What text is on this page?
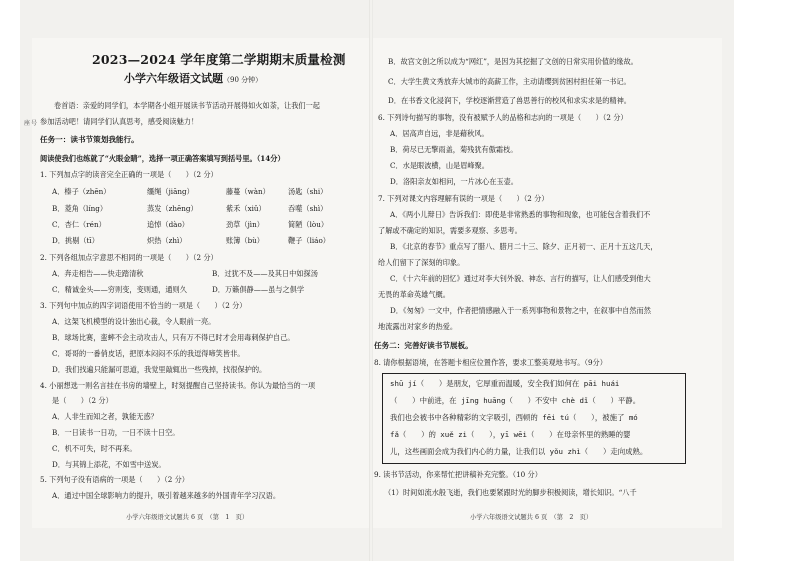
座号
2023—2024 学年度第二学期期末质量检测
小学六年级语文试题（90 分钟）
卷首语：亲爱的同学们，本学期各小组开展读书节活动开展得如火如荼，让我们一起
参加活动吧！请同学们认真思考，感受阅读魅力！
任务一：读书节策划我能行。
阅读使我们也练就了“火眼金睛”，选择一项正确答案填写到括号里。（14分）
1. 下列加点字的读音完全正确的一项是（　　）（2 分）
A．榛子（zhēn）	缰绳（jiāng）	藤蔓（wàn）	汤匙（shi）
B．菱角（líng）	蒸发（zhēng）	紫禾（xiǔ）	吞噬（shì）
C．杏仁（rén）	追悼（dào）	劲草（jìn）	简陋（lòu）
D．挑剔（tī）	炽热（zhì）	账簿（bù）	鞭子（liáo）
2. 下列各组加点字意思不相同的一项是（　　）（2 分）
A．奔走相告——快走踏清秋	B．过犹不及——及其日中如探汤
C．精诚金头——穷则变，变则通，通则久	D．万籁俱静——虽与之俱学
3. 下列句中加点的四字词语使用不恰当的一项是（　　）（2 分）
A．这架飞机模型的设计独出心裁，令人眼前一亮。
B．球场比赛，蛮蟀不会主动攻击人，只有万不得已时才会用毒刺保护自己。
C．哥哥的一番俏皮话，把原本闷闷不乐的我逗得啼笑皆非。
D．我们找遍只能漏可思道，我觉里敲辄出一些残掉，找很保护的。
4. 小丽想选一则名言挂在书房的墙壁上，时刻提醒自己坚持读书。你认为最恰当的一项
是（　　）（2 分）
A．人非生而知之者，孰能无惑？
B．一日读书一日功，一日不读十日空。
C．机不可失，时不再来。
D．与其锦上添花，不如雪中送炭。
5. 下列句子没有语病的一项是（　　）（2 分）
A．通过中国全球影响力的提升，吸引着越来越多的外国青年学习汉语。
小学六年级语文试题共 6 页　（第　1　页）
B．故宫文创之所以成为“网红”，是因为其挖掘了文创的日常实用价值的缘故。
C．大学生黄文秀放弃大城市的高薪工作，主动请缨到贫困村担任第一书记。
D．在书香文化浸润下，学校逐渐营造了兽思善行的校风和求实求是的精神。
6. 下列诗句描写的事物，没有被赋予人的品格和志向的一项是（　　）（2 分）
A．居高声自远，非是藉秋风。
B．荷尽已无擎雨盖，菊残犹有傲霜枝。
C．水是眼波横，山是眉峰聚。
D．洛阳亲友如相问，一片冰心在玉壶。
7. 下列对课文内容理解有误的一项是（　　）（2 分）
A．《两小儿辩日》告诉我们：即使是非常熟悉的事物和现象，也可能包含着我们不
了解或不确定的知识，需要多观察、多思考。
B．《北京的春节》重点写了腊八、腊月二十三、除夕、正月初一、正月十五这几天，
给人们留下了深刻的印象。
C．《十六年前的回忆》通过对李大钊外貌、神态、言行的描写，让人们感受到他大
无畏的革命英雄气概。
D．《匆匆》一文中，作者把情感融入于一系列事物和景物之中，在叙事中自然而然
地流露出对家乡的热爱。
任务二：完善好读书节展板。
8. 请你根据语境，在答题卡相应位置作答，要求工整美观地书写。（9分）
shū jí（　　）是朋友，它厚重而温暖，安全我们如何在 pāi huái
（　　）中前进，在 jīng huāng（　　）不安中 chè dǐ（　　）平静。
我们也会被书中各种精彩的文字吸引，西顿的 fēi tú（　　），被施了 mó
fǎ（　　）的 xuě zi（　　），yī wēi（　　）在母亲怀里的熟睡的婴
儿，这些画面会成为我们内心的力量，让我们以 yǒu zhì（　　）走向成熟。
9. 读书节活动，你来帮忙把讲稿补充完整。（10 分）
（1）时间如流水般飞逝，我们也要紧跟时光的脚步积极阅读，增长知识。“八千
小学六年级语文试题共 6 页　（第　2　页）
